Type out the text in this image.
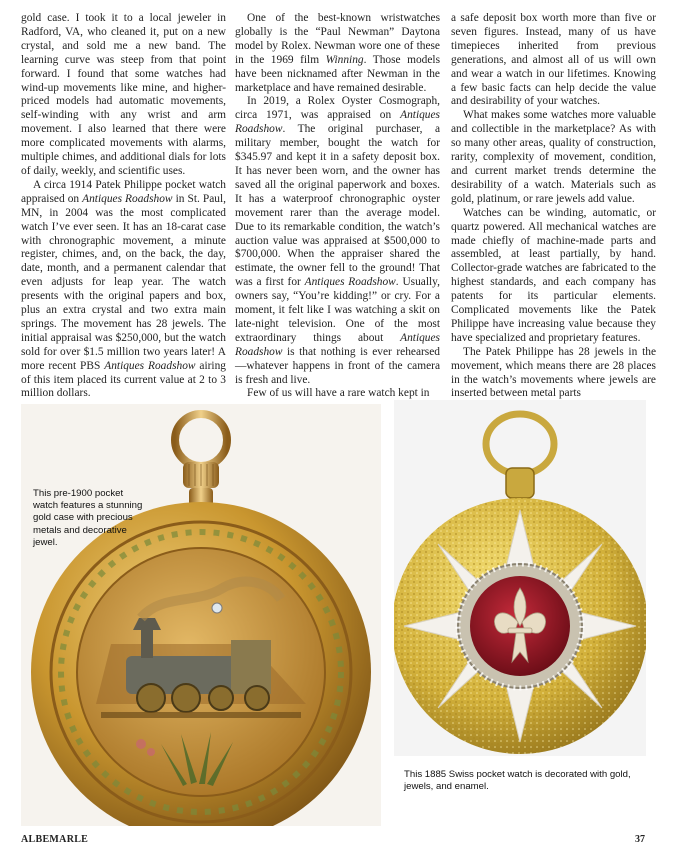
gold case. I took it to a local jeweler in Radford, VA, who cleaned it, put on a new crystal, and sold me a new band. The learning curve was steep from that point forward. I found that some watches had wind-up movements like mine, and higher-priced models had automatic movements, self-winding with any wrist and arm movement. I also learned that there were more complicated movements with alarms, multiple chimes, and additional dials for lots of daily, weekly, and scientific uses.

A circa 1914 Patek Philippe pocket watch appraised on Antiques Roadshow in St. Paul, MN, in 2004 was the most complicated watch I’ve ever seen. It has an 18-carat case with chronographic movement, a minute register, chimes, and, on the back, the day, date, month, and a permanent calendar that even adjusts for leap year. The watch presents with the original papers and box, plus an extra crystal and two extra main springs. The movement has 28 jewels. The initial appraisal was $250,000, but the watch sold for over $1.5 million two years later! A more recent PBS Antiques Roadshow airing of this item placed its current value at 2 to 3 million dollars.

One of the best-known wristwatches globally is the “Paul Newman” Daytona model by Rolex. Newman wore one of these in the 1969 film Winning. Those models have been nicknamed after Newman in the marketplace and have remained desirable.

In 2019, a Rolex Oyster Cosmograph, circa 1971, was appraised on Antiques Roadshow. The original purchaser, a military member, bought the watch for $345.97 and kept it in a safety deposit box. It has never been worn, and the owner has saved all the original paperwork and boxes. It has a waterproof chronographic oyster movement rarer than the average model. Due to its remarkable condition, the watch’s auction value was appraised at $500,000 to $700,000. When the appraiser shared the estimate, the owner fell to the ground! That was a first for Antiques Roadshow. Usually, owners say, “You’re kidding!” or cry. For a moment, it felt like I was watching a skit on late-night television. One of the most extraordinary things about Antiques Roadshow is that nothing is ever rehearsed—whatever happens in front of the camera is fresh and live.

Few of us will have a rare watch kept in

a safe deposit box worth more than five or seven figures. Instead, many of us have timepieces inherited from previous generations, and almost all of us will own and wear a watch in our lifetimes. Knowing a few basic facts can help decide the value and desirability of your watches.

What makes some watches more valuable and collectible in the marketplace? As with so many other areas, quality of construction, rarity, complexity of movement, condition, and current market trends determine the desirability of a watch. Materials such as gold, platinum, or rare jewels add value.

Watches can be winding, automatic, or quartz powered. All mechanical watches are made chiefly of machine-made parts and assembled, at least partially, by hand. Collector-grade watches are fabricated to the highest standards, and each company has patents for its particular elements. Complicated movements like the Patek Philippe have increasing value because they have specialized and proprietary features.

The Patek Philippe has 28 jewels in the movement, which means there are 28 places in the watch’s movements where jewels are inserted between metal parts

This pre-1900 pocket watch features a stunning gold case with precious metals and decorative jewel.
This 1885 Swiss pocket watch is decorated with gold, jewels, and enamel.
ALBEMARLE	37
